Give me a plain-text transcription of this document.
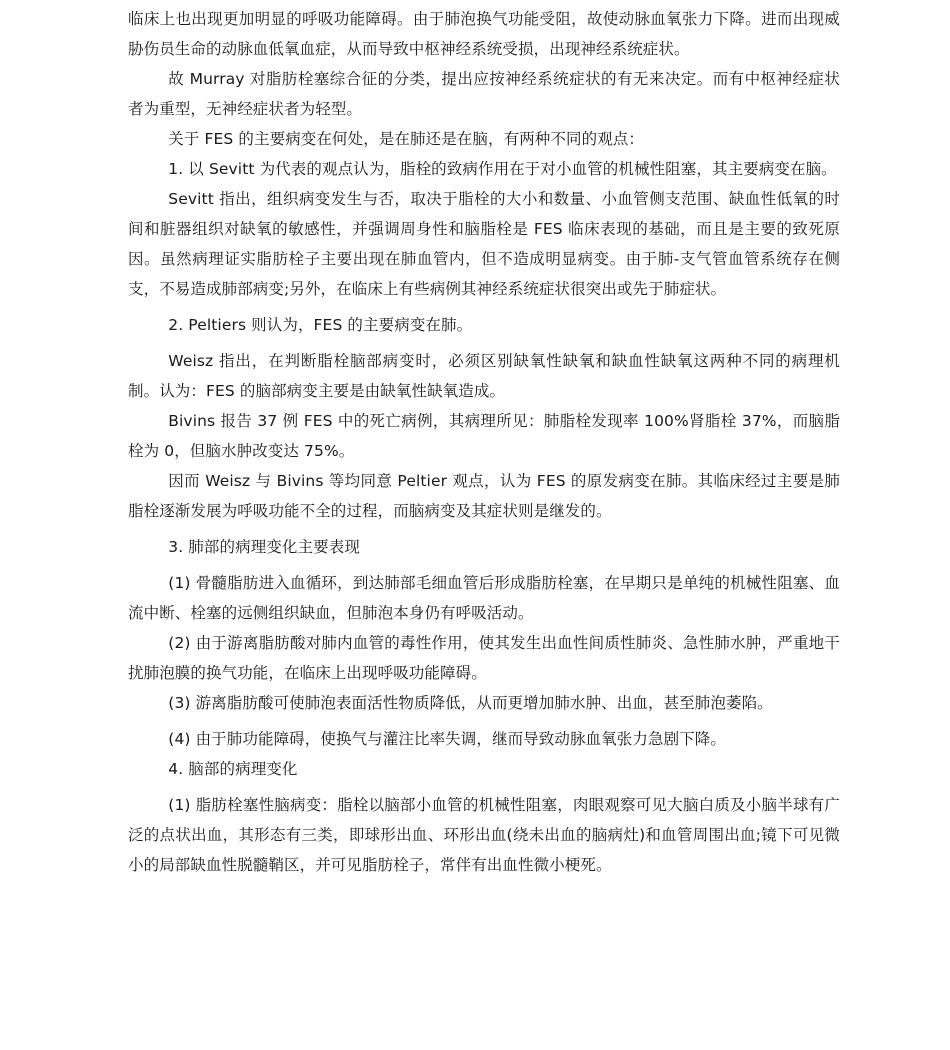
临床上也出现更加明显的呼吸功能障碍。由于肺泡换气功能受阻，故使动脉血氧张力下降。进而出现威胁伤员生命的动脉血低氧血症，从而导致中枢神经系统受损，出现神经系统症状。

故 Murray 对脂肪栓塞综合征的分类，提出应按神经系统症状的有无来决定。而有中枢神经症状者为重型，无神经症状者为轻型。

关于 FES 的主要病变在何处，是在肺还是在脑，有两种不同的观点：

1. 以 Sevitt 为代表的观点认为，脂栓的致病作用在于对小血管的机械性阻塞，其主要病变在脑。

Sevitt 指出，组织病变发生与否，取决于脂栓的大小和数量、小血管侧支范围、缺血性低氧的时间和脏器组织对缺氧的敏感性，并强调周身性和脑脂栓是 FES 临床表现的基础，而且是主要的致死原因。虽然病理证实脂肪栓子主要出现在肺血管内，但不造成明显病变。由于肺-支气管血管系统存在侧支，不易造成肺部病变;另外，在临床上有些病例其神经系统症状很突出或先于肺症状。

2. Peltiers 则认为，FES 的主要病变在肺。

Weisz 指出，在判断脂栓脑部病变时，必须区别缺氧性缺氧和缺血性缺氧这两种不同的病理机制。认为：FES 的脑部病变主要是由缺氧性缺氧造成。

Bivins 报告 37 例 FES 中的死亡病例，其病理所见：肺脂栓发现率 100%肾脂栓 37%，而脑脂栓为 0，但脑水肿改变达 75%。

因而 Weisz 与 Bivins 等均同意 Peltier 观点，认为 FES 的原发病变在肺。其临床经过主要是肺脂栓逐渐发展为呼吸功能不全的过程，而脑病变及其症状则是继发的。

3. 肺部的病理变化主要表现

(1) 骨髓脂肪进入血循环，到达肺部毛细血管后形成脂肪栓塞，在早期只是单纯的机械性阻塞、血流中断、栓塞的远侧组织缺血，但肺泡本身仍有呼吸活动。

(2) 由于游离脂肪酸对肺内血管的毒性作用，使其发生出血性间质性肺炎、急性肺水肿，严重地干扰肺泡膜的换气功能，在临床上出现呼吸功能障碍。

(3) 游离脂肪酸可使肺泡表面活性物质降低，从而更增加肺水肿、出血，甚至肺泡萎陷。

(4) 由于肺功能障碍，使换气与灌注比率失调，继而导致动脉血氧张力急剧下降。

4. 脑部的病理变化

(1) 脂肪栓塞性脑病变：脂栓以脑部小血管的机械性阻塞，肉眼观察可见大脑白质及小脑半球有广泛的点状出血，其形态有三类，即球形出血、环形出血(绕未出血的脑病灶)和血管周围出血;镜下可见微小的局部缺血性脱髓鞘区，并可见脂肪栓子，常伴有出血性微小梗死。
